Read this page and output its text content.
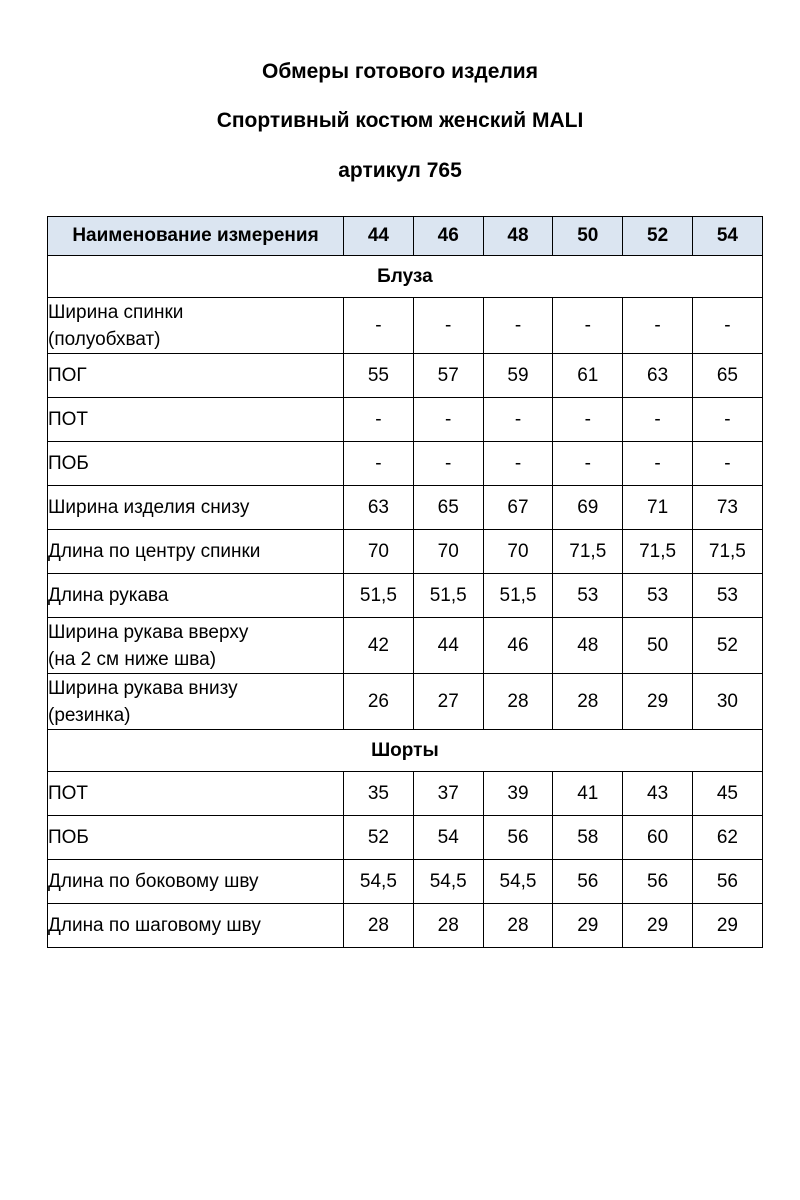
Обмеры готового изделия
Спортивный костюм женский MALI
артикул 765
Наименование измерения	44	46	48	50	52	54
Блуза						

Ширина спинки
(полуобхват)	-	-	-	-	-	-

ПОГ	55	57	59	61	63	65

ПОТ	-	-	-	-	-	-

ПОБ	-	-	-	-	-	-

Ширина изделия снизу	63	65	67	69	71	73

Длина по центру спинки	70	70	70	71,5	71,5	71,5

Длина рукава	51,5	51,5	51,5	53	53	53

Ширина рукава вверху
(на 2 см ниже шва)	42	44	46	48	50	52

Ширина рукава внизу
(резинка)	26	27	28	28	29	30
Шорты						

ПОТ	35	37	39	41	43	45

ПОБ	52	54	56	58	60	62

Длина по боковому шву	54,5	54,5	54,5	56	56	56

Длина по шаговому шву	28	28	28	29	29	29
